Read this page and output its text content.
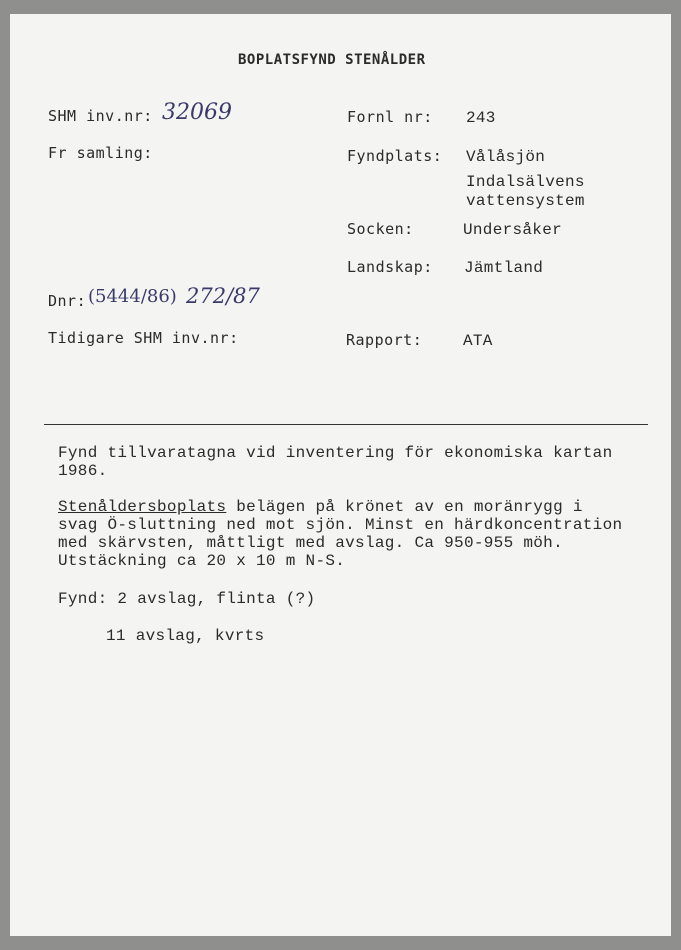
BOPLATSFYND STENÅLDER
SHM inv.nr: 32069
Fr samling:
Dnr: (5444/86) 272/87
Tidigare SHM inv.nr:
Fornl nr: 243
Fyndplats: Vålåsjön
Indalsälvens
vattensystem
Socken:	Undersåker
Landskap: Jämtland
Rapport:	ATA
Fynd tillvaratagna vid inventering för ekonomiska kartan
1986.
Stenåldersboplats belägen på krönet av en moränrygg i
svag Ö-sluttning ned mot sjön. Minst en härdkoncentration
med skärvsten, måttligt med avslag. Ca 950-955 möh.
Utstäckning ca 20 x 10 m N-S.
Fynd: 2 avslag, flinta (?)
11 avslag, kvrts
